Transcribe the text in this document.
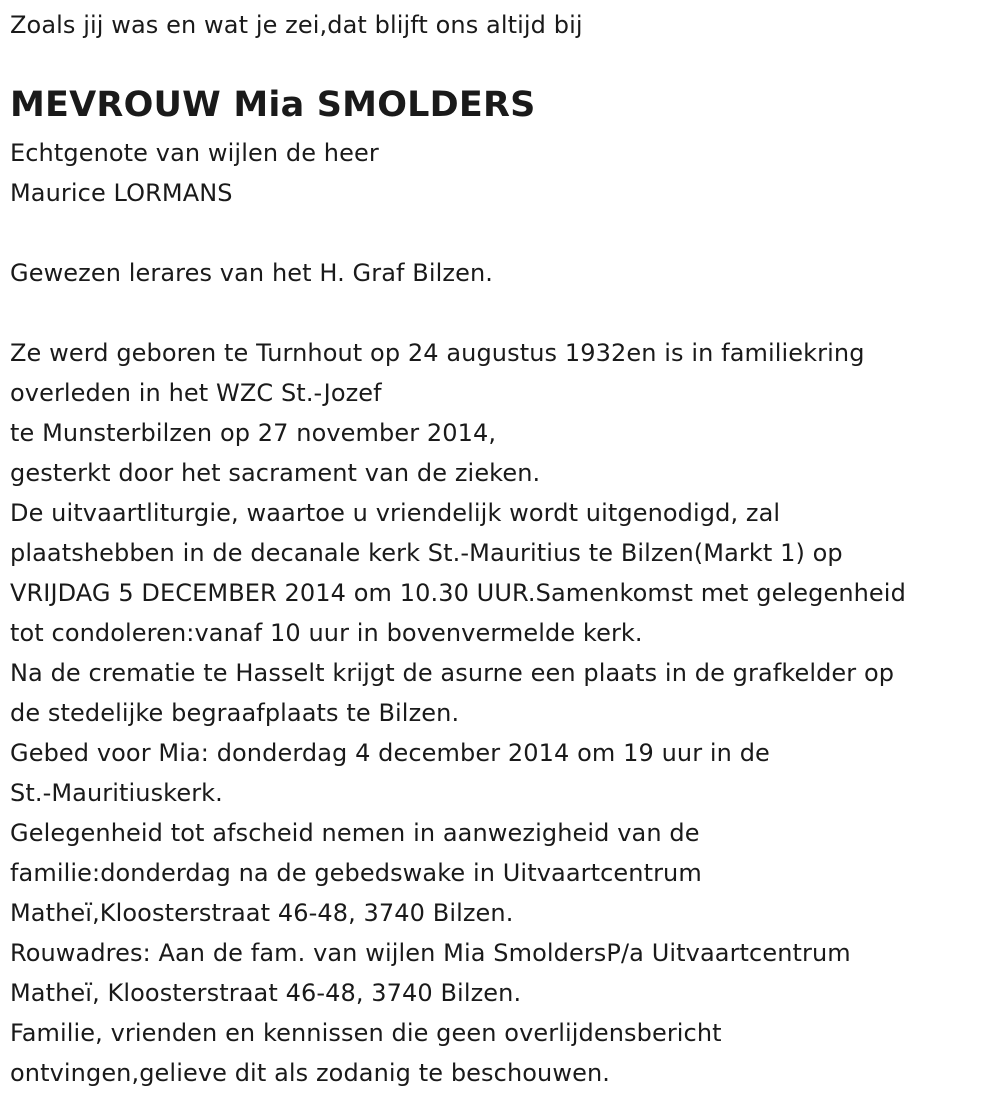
Zoals jij was en wat je zei,dat blijft ons altijd bij
MEVROUW Mia SMOLDERS
Echtgenote van wijlen de heer
Maurice LORMANS
Gewezen lerares van het H. Graf Bilzen.
Ze werd geboren te Turnhout op 24 augustus 1932en is in familiekring
overleden in het WZC St.-Jozef
te Munsterbilzen op 27 november 2014,
gesterkt door het sacrament van de zieken.
De uitvaartliturgie, waartoe u vriendelijk wordt uitgenodigd, zal
plaatshebben in de decanale kerk St.-Mauritius te Bilzen(Markt 1) op
VRIJDAG 5 DECEMBER 2014 om 10.30 UUR.Samenkomst met gelegenheid
tot condoleren:vanaf 10 uur in bovenvermelde kerk.
Na de crematie te Hasselt krijgt de asurne een plaats in de grafkelder op
de stedelijke begraafplaats te Bilzen.
Gebed voor Mia: donderdag 4 december 2014 om 19 uur in de
St.-Mauritiuskerk.
Gelegenheid tot afscheid nemen in aanwezigheid van de
familie:donderdag na de gebedswake in Uitvaartcentrum
Matheï,Kloosterstraat 46-48, 3740 Bilzen.
Rouwadres: Aan de fam. van wijlen Mia SmoldersP/a Uitvaartcentrum
Matheï, Kloosterstraat 46-48, 3740 Bilzen.
Familie, vrienden en kennissen die geen overlijdensbericht
ontvingen,gelieve dit als zodanig te beschouwen.
